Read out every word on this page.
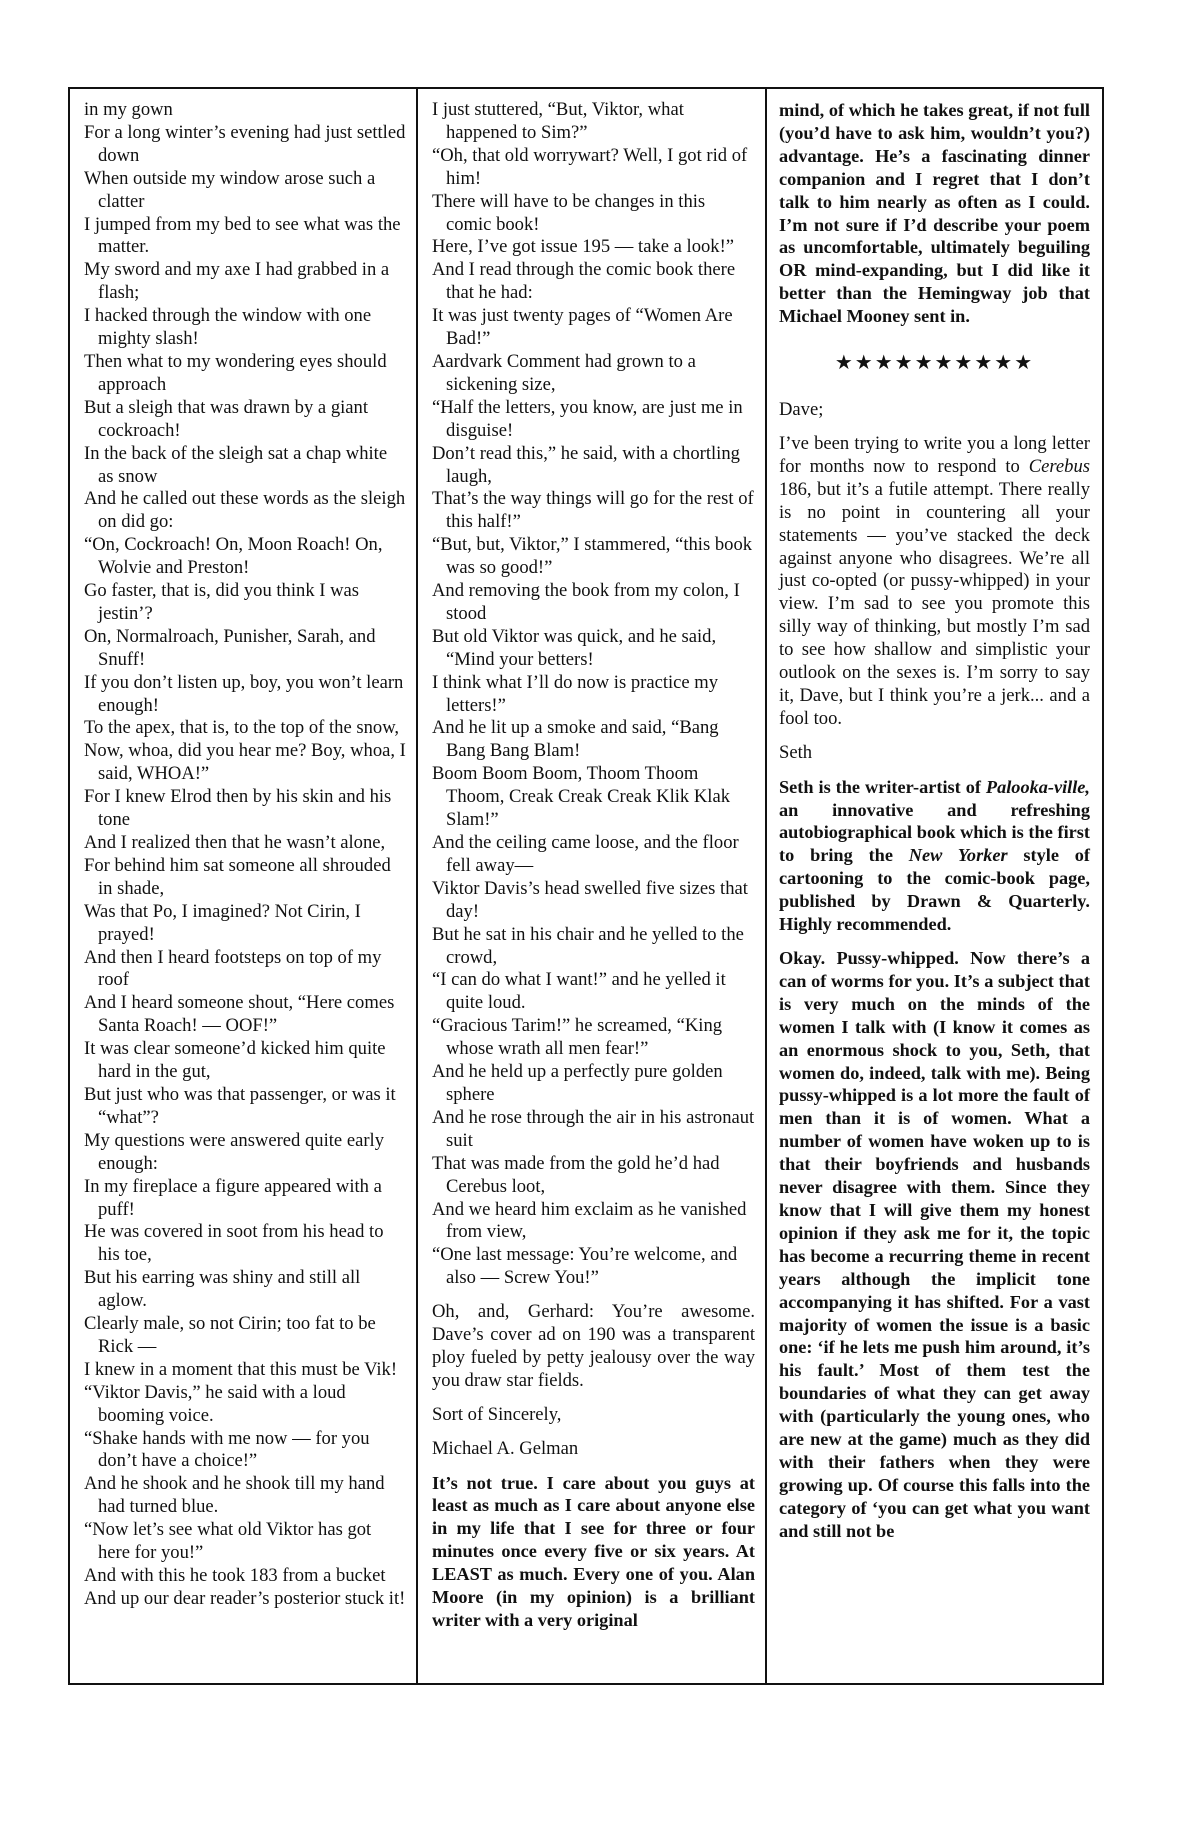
in my gown

For a long winter’s evening had just settled down

When outside my window arose such a clatter

I jumped from my bed to see what was the matter.

My sword and my axe I had grabbed in a flash;

I hacked through the window with one mighty slash!

Then what to my wondering eyes should approach

But a sleigh that was drawn by a giant cockroach!

In the back of the sleigh sat a chap white as snow

And he called out these words as the sleigh on did go:

“On, Cockroach! On, Moon Roach! On, Wolvie and Preston!

Go faster, that is, did you think I was jestin’?

On, Normalroach, Punisher, Sarah, and Snuff!

If you don’t listen up, boy, you won’t learn enough!

To the apex, that is, to the top of the snow,

Now, whoa, did you hear me? Boy, whoa, I said, WHOA!”

For I knew Elrod then by his skin and his tone

And I realized then that he wasn’t alone,

For behind him sat someone all shrouded in shade,

Was that Po, I imagined? Not Cirin, I prayed!

And then I heard footsteps on top of my roof

And I heard someone shout, “Here comes Santa Roach! — OOF!”

It was clear someone’d kicked him quite hard in the gut,

But just who was that passenger, or was it “what”?

My questions were answered quite early enough:

In my fireplace a figure appeared with a puff!

He was covered in soot from his head to his toe,

But his earring was shiny and still all aglow.

Clearly male, so not Cirin; too fat to be Rick —

I knew in a moment that this must be Vik!

“Viktor Davis,” he said with a loud booming voice.

“Shake hands with me now — for you don’t have a choice!”

And he shook and he shook till my hand had turned blue.

“Now let’s see what old Viktor has got here for you!”

And with this he took 183 from a bucket

And up our dear reader’s posterior stuck it!

I just stuttered, “But, Viktor, what happened to Sim?”

“Oh, that old worrywart? Well, I got rid of him!

There will have to be changes in this comic book!

Here, I’ve got issue 195 — take a look!”

And I read through the comic book there that he had:

It was just twenty pages of “Women Are Bad!”

Aardvark Comment had grown to a sickening size,

“Half the letters, you know, are just me in disguise!

Don’t read this,” he said, with a chortling laugh,

That’s the way things will go for the rest of this half!”

“But, but, Viktor,” I stammered, “this book was so good!”

And removing the book from my colon, I stood

But old Viktor was quick, and he said, “Mind your betters!

I think what I’ll do now is practice my letters!”

And he lit up a smoke and said, “Bang Bang Bang Blam!

Boom Boom Boom, Thoom Thoom Thoom, Creak Creak Creak Klik Klak Slam!”

And the ceiling came loose, and the floor fell away—

Viktor Davis’s head swelled five sizes that day!

But he sat in his chair and he yelled to the crowd,

“I can do what I want!” and he yelled it quite loud.

“Gracious Tarim!” he screamed, “King whose wrath all men fear!”

And he held up a perfectly pure golden sphere

And he rose through the air in his astronaut suit

That was made from the gold he’d had Cerebus loot,

And we heard him exclaim as he vanished from view,

“One last message: You’re welcome, and also — Screw You!”

Oh, and, Gerhard: You’re awesome. Dave’s cover ad on 190 was a transparent ploy fueled by petty jealousy over the way you draw star fields.

Sort of Sincerely,

Michael A. Gelman

It’s not true. I care about you guys at least as much as I care about anyone else in my life that I see for three or four minutes once every five or six years. At LEAST as much. Every one of you. Alan Moore (in my opinion) is a brilliant writer with a very original

mind, of which he takes great, if not full (you’d have to ask him, wouldn’t you?) advantage. He’s a fascinating dinner companion and I regret that I don’t talk to him nearly as often as I could. I’m not sure if I’d describe your poem as uncomfortable, ultimately beguiling OR mind-expanding, but I did like it better than the Hemingway job that Michael Mooney sent in.

★★★★★★★★★★

Dave;

I’ve been trying to write you a long letter for months now to respond to Cerebus 186, but it’s a futile attempt. There really is no point in countering all your statements — you’ve stacked the deck against anyone who disagrees. We’re all just co-opted (or pussy-whipped) in your view. I’m sad to see you promote this silly way of thinking, but mostly I’m sad to see how shallow and simplistic your outlook on the sexes is. I’m sorry to say it, Dave, but I think you’re a jerk... and a fool too.

Seth

Seth is the writer-artist of Palooka-ville, an innovative and refreshing autobiographical book which is the first to bring the New Yorker style of cartooning to the comic-book page, published by Drawn & Quarterly. Highly recommended.

Okay. Pussy-whipped. Now there’s a can of worms for you. It’s a subject that is very much on the minds of the women I talk with (I know it comes as an enormous shock to you, Seth, that women do, indeed, talk with me). Being pussy-whipped is a lot more the fault of men than it is of women. What a number of women have woken up to is that their boyfriends and husbands never disagree with them. Since they know that I will give them my honest opinion if they ask me for it, the topic has become a recurring theme in recent years although the implicit tone accompanying it has shifted. For a vast majority of women the issue is a basic one: ‘if he lets me push him around, it’s his fault.’ Most of them test the boundaries of what they can get away with (particularly the young ones, who are new at the game) much as they did with their fathers when they were growing up. Of course this falls into the category of ‘you can get what you want and still not be
